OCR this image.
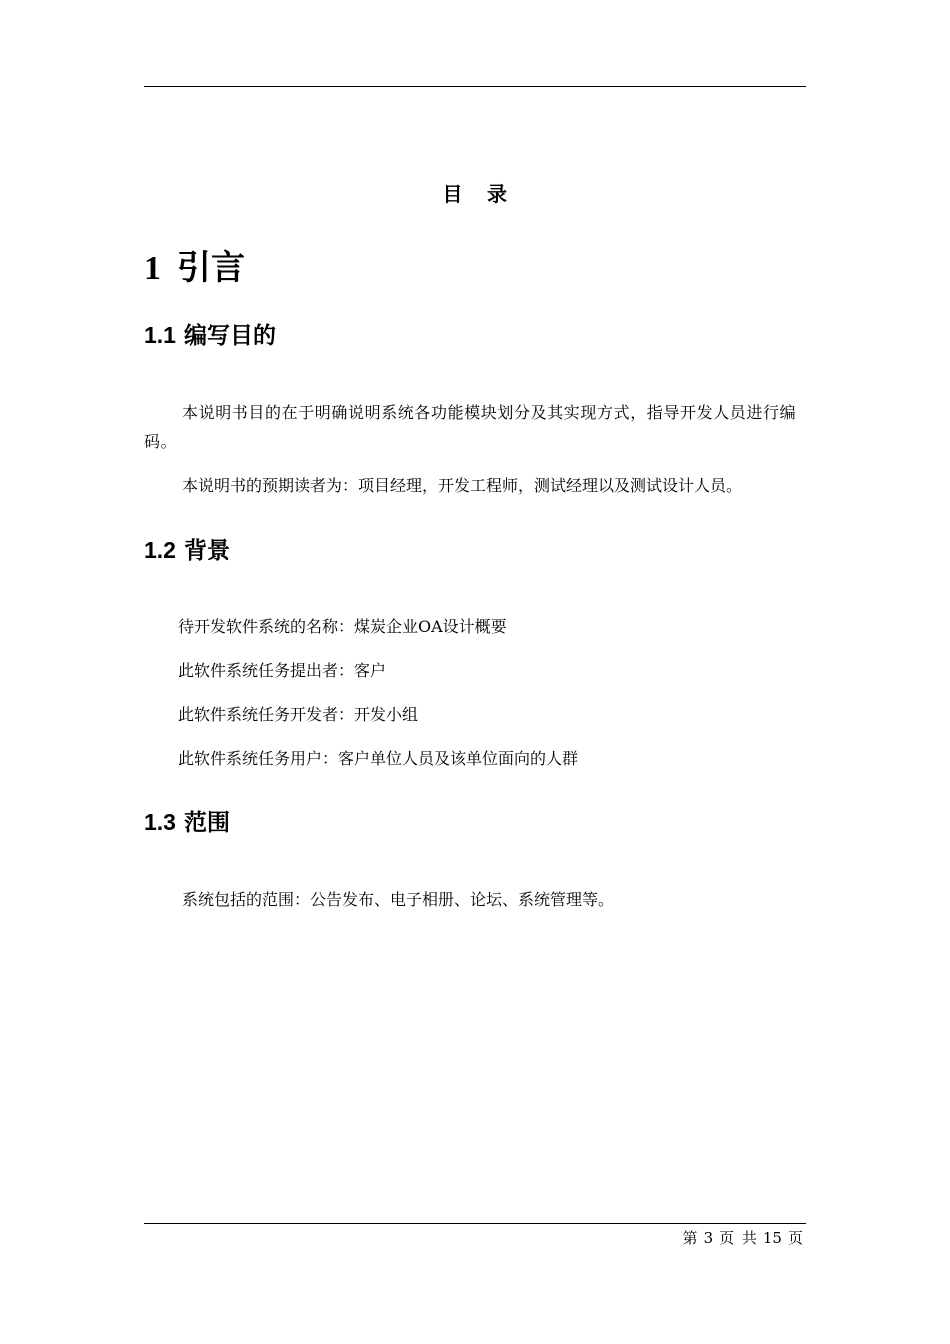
目 录
1 引言
1.1 编写目的
本说明书目的在于明确说明系统各功能模块划分及其实现方式，指导开发人员进行编码。
本说明书的预期读者为：项目经理，开发工程师，测试经理以及测试设计人员。
1.2 背景
待开发软件系统的名称：煤炭企业OA设计概要
此软件系统任务提出者：客户
此软件系统任务开发者：开发小组
此软件系统任务用户：客户单位人员及该单位面向的人群
1.3 范围
系统包括的范围：公告发布、电子相册、论坛、系统管理等。
第 3 页 共 15 页
